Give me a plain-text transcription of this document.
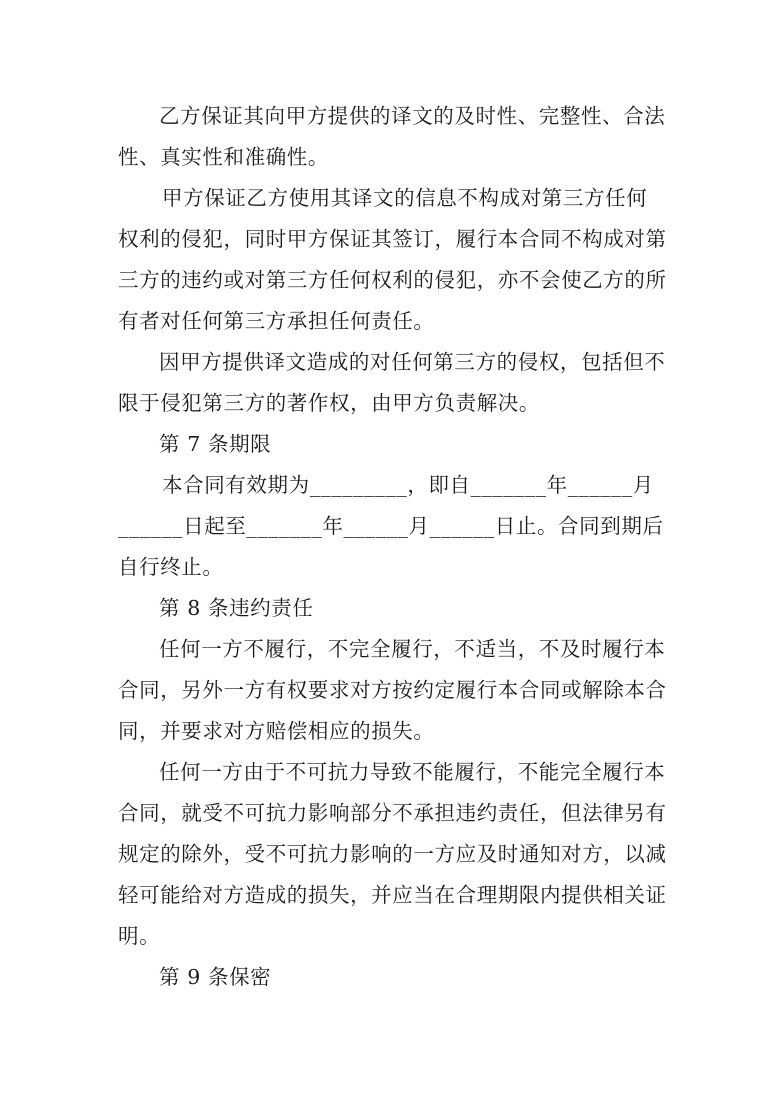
乙方保证其向甲方提供的译文的及时性、完整性、合法
性、真实性和准确性。
甲方保证乙方使用其译文的信息不构成对第三方任何
权利的侵犯，同时甲方保证其签订，履行本合同不构成对第
三方的违约或对第三方任何权利的侵犯，亦不会使乙方的所
有者对任何第三方承担任何责任。
因甲方提供译文造成的对任何第三方的侵权，包括但不
限于侵犯第三方的著作权，由甲方负责解决。
第 7 条期限
本合同有效期为_________，即自_______年______月
______日起至_______年______月______日止。合同到期后
自行终止。
第 8 条违约责任
任何一方不履行，不完全履行，不适当，不及时履行本
合同，另外一方有权要求对方按约定履行本合同或解除本合
同，并要求对方赔偿相应的损失。
任何一方由于不可抗力导致不能履行，不能完全履行本
合同，就受不可抗力影响部分不承担违约责任，但法律另有
规定的除外，受不可抗力影响的一方应及时通知对方，以减
轻可能给对方造成的损失，并应当在合理期限内提供相关证
明。
第 9 条保密
